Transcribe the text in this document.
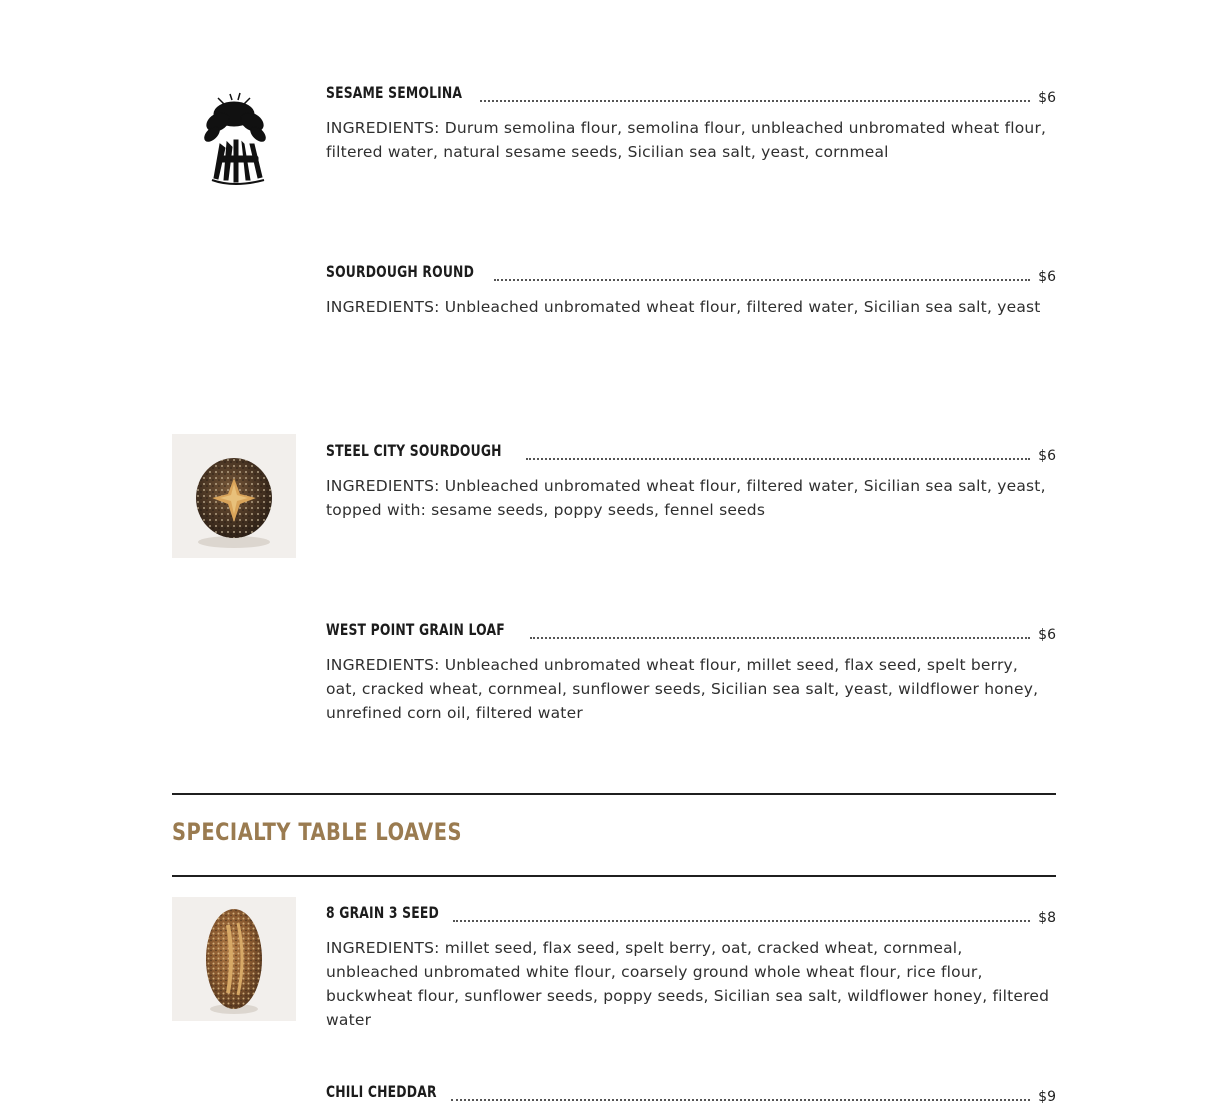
SESAME SEMOLINA	$6
INGREDIENTS: Durum semolina flour, semolina flour, unbleached unbromated wheat flour, filtered water, natural sesame seeds, Sicilian sea salt, yeast, cornmeal
SOURDOUGH ROUND	$6
INGREDIENTS: Unbleached unbromated wheat flour, filtered water, Sicilian sea salt, yeast
STEEL CITY SOURDOUGH	$6
INGREDIENTS: Unbleached unbromated wheat flour, filtered water, Sicilian sea salt, yeast, topped with: sesame seeds, poppy seeds, fennel seeds
WEST POINT GRAIN LOAF	$6
INGREDIENTS: Unbleached unbromated wheat flour, millet seed, flax seed, spelt berry, oat, cracked wheat, cornmeal, sunflower seeds, Sicilian sea salt, yeast, wildflower honey, unrefined corn oil, filtered water
SPECIALTY TABLE LOAVES
8 GRAIN 3 SEED	$8
INGREDIENTS: millet seed, flax seed, spelt berry, oat, cracked wheat, cornmeal, unbleached unbromated white flour, coarsely ground whole wheat flour, rice flour, buckwheat flour, sunflower seeds, poppy seeds, Sicilian sea salt, wildflower honey, filtered water
CHILI CHEDDAR	$9
